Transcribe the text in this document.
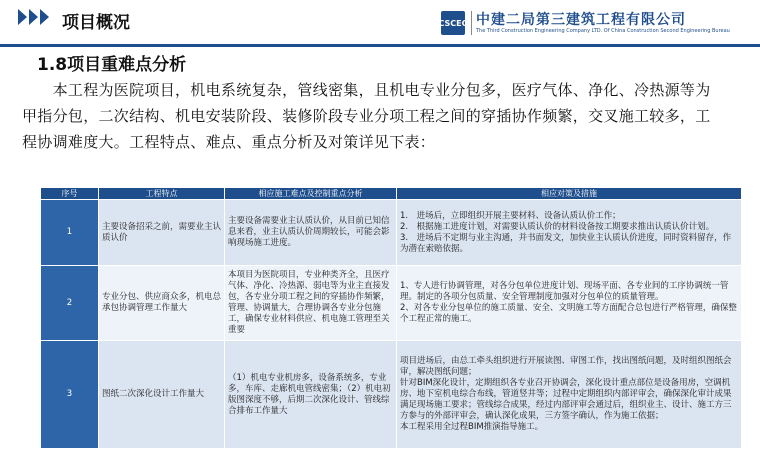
项目概况	CSCEC 中建二局第三建筑工程有限公司
The Third Construction Engineering Company LTD. Of China Construction Second Engineering Bureau
1.8项目重难点分析
  本工程为医院项目，机电系统复杂，管线密集，且机电专业分包多，医疗气体、净化、冷热源等为甲指分包，二次结构、机电安装阶段、装修阶段专业分项工程之间的穿插协作频繁，交叉施工较多，工程协调难度大。工程特点、难点、重点分析及对策详见下表：
序号	工程特点	相应施工难点及控制重点分析	相应对策及措施
1	主要设备招采之前，需要业主认质认价	主要设备需要业主认质认价，从目前已知信息来看，业主认质认价周期较长，可能会影响现场施工进度。	1.　进场后，立即组织开展主要材料、设备认质认价工作；
2.　根据施工进度计划，对需要认质认价的材料设备按工期要求推出认质认价计划。
3.　进场后不定期与业主沟通，并书面发文，加快业主认质认价进度，同时资料留存，作为潜在索赔依据。

2	专业分包、供应商众多，机电总承包协调管理工作量大	本项目为医院项目，专业种类齐全，且医疗气体、净化、冷热源、弱电等为业主直接发包，各专业分项工程之间的穿插协作频繁，管理、协调量大，合理协调各专业分包施工，确保专业材料供应、机电施工管理至关重要	1、专人进行协调管理，对各分包单位进度计划、现场平面、各专业间的工序协调统一管理。制定的各项分包质量、安全管理制度加强对分包单位的质量管理。
2、对各专业分包单位的施工质量、安全、文明施工等方面配合总包进行严格管理，确保整个工程正常的施工。

3	图纸二次深化设计工作量大	（1）机电专业机房多，设备系统多，专业多，车库、走廊机电管线密集；（2）机电初版图深度不够，后期二次深化设计、管线综合排布工作量大	项目进场后，由总工牵头组织进行开展读图、审图工作，找出图纸问题，及时组织图纸会审，解决图纸问题；
针对BIM深化设计，定期组织各专业召开协调会，深化设计重点部位是设备用房，空调机房、地下室机电综合布线，管道竖井等；过程中定期组织内部评审会，确保深化审计成果满足现场施工要求；管线综合成果，经过内部评审会通过后，组织业主、设计、施工方三方参与的外部评审会，确认深化成果，三方签字确认，作为施工依据；
本工程采用全过程BIM推演指导施工。
